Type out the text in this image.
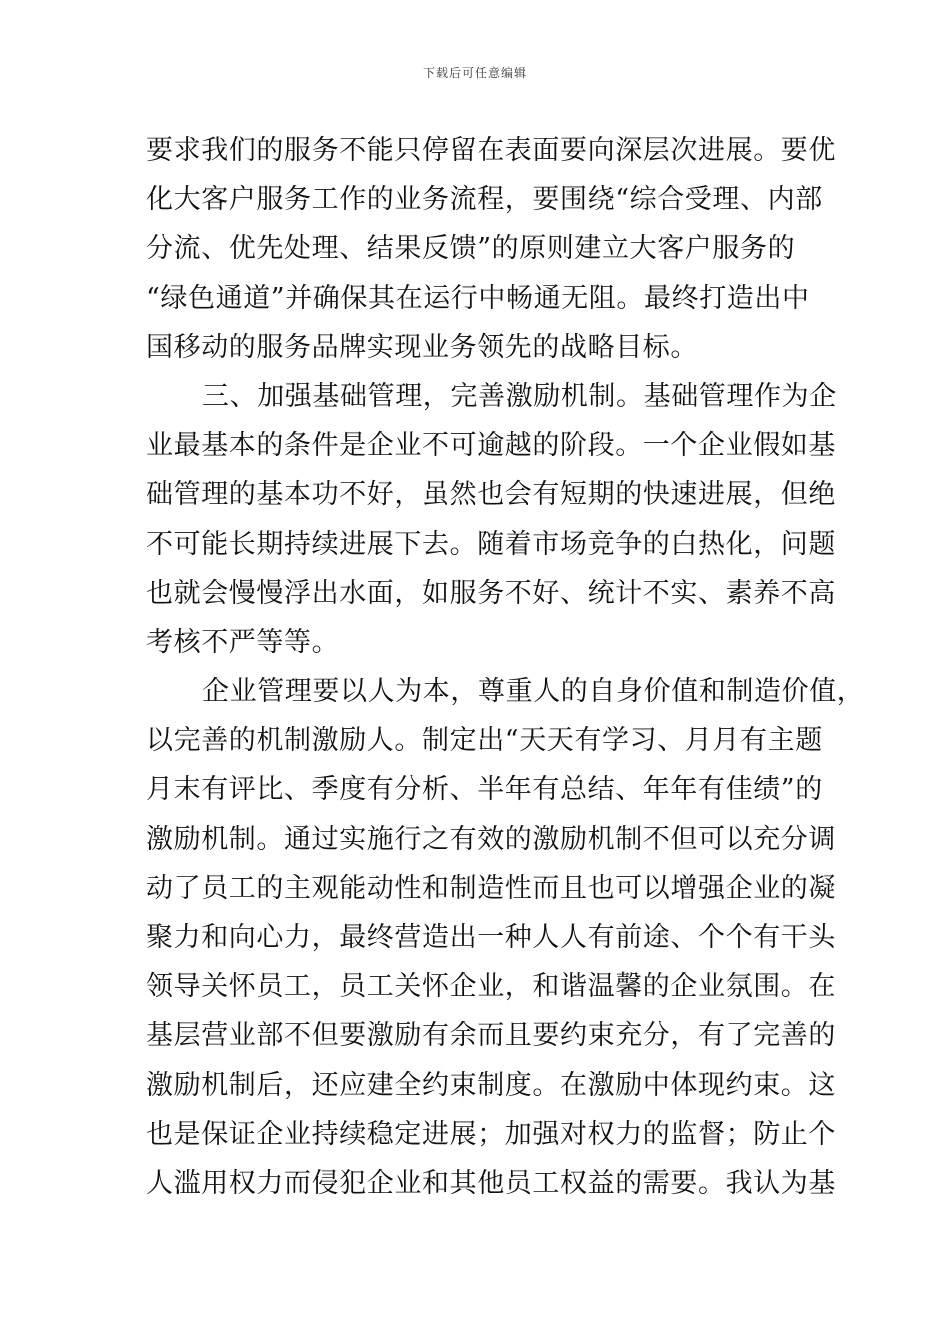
下载后可任意编辑
要求我们的服务不能只停留在表面要向深层次进展。要优
化大客户服务工作的业务流程，要围绕“综合受理、内部
分流、优先处理、结果反馈”的原则建立大客户服务的
“绿色通道”并确保其在运行中畅通无阻。最终打造出中
国移动的服务品牌实现业务领先的战略目标。
三、加强基础管理，完善激励机制。基础管理作为企
业最基本的条件是企业不可逾越的阶段。一个企业假如基
础管理的基本功不好，虽然也会有短期的快速进展，但绝
不可能长期持续进展下去。随着市场竞争的白热化，问题
也就会慢慢浮出水面，如服务不好、统计不实、素养不高
考核不严等等。
企业管理要以人为本，尊重人的自身价值和制造价值，
以完善的机制激励人。制定出“天天有学习、月月有主题
月末有评比、季度有分析、半年有总结、年年有佳绩”的
激励机制。通过实施行之有效的激励机制不但可以充分调
动了员工的主观能动性和制造性而且也可以增强企业的凝
聚力和向心力，最终营造出一种人人有前途、个个有干头
领导关怀员工，员工关怀企业，和谐温馨的企业氛围。在
基层营业部不但要激励有余而且要约束充分，有了完善的
激励机制后，还应建全约束制度。在激励中体现约束。这
也是保证企业持续稳定进展；加强对权力的监督；防止个
人滥用权力而侵犯企业和其他员工权益的需要。我认为基
